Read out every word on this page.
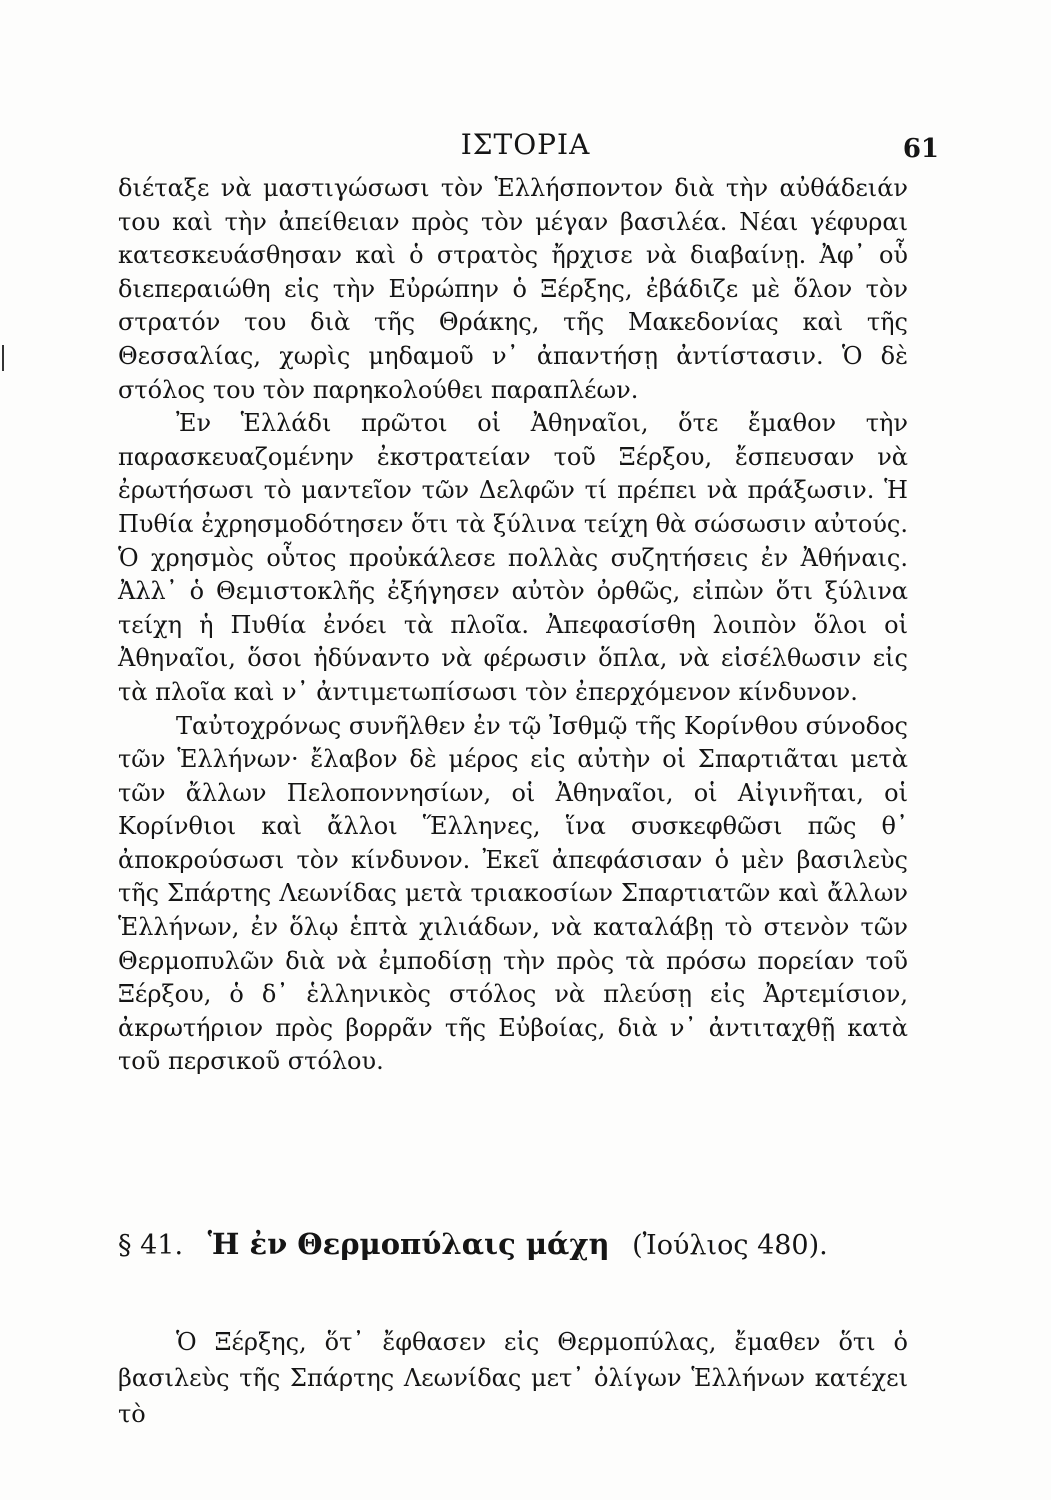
ΙΣΤΟΡΙΑ	61

διέταξε νὰ μαστιγώσωσι τὸν Ἑλλήσποντον διὰ τὴν αὐθάδειάν του καὶ τὴν ἀπείθειαν πρὸς τὸν μέγαν βασιλέα. Νέαι γέφυραι κατεσκευάσθησαν καὶ ὁ στρατὸς ἤρχισε νὰ διαβαίνῃ. Ἀφ᾽ οὗ διεπεραιώθη εἰς τὴν Εὐρώπην ὁ Ξέρξης, ἐβάδιζε μὲ ὅλον τὸν στρατόν του διὰ τῆς Θράκης, τῆς Μακεδονίας καὶ τῆς Θεσσαλίας, χωρὶς μηδαμοῦ ν᾽ ἀπαντήσῃ ἀντίστασιν. Ὁ δὲ στόλος του τὸν παρηκολούθει παραπλέων.

Ἐν Ἑλλάδι πρῶτοι οἱ Ἀθηναῖοι, ὅτε ἔμαθον τὴν παρασκευαζομένην ἐκστρατείαν τοῦ Ξέρξου, ἔσπευσαν νὰ ἐρωτήσωσι τὸ μαντεῖον τῶν Δελφῶν τί πρέπει νὰ πράξωσιν. Ἡ Πυθία ἐχρησμοδότησεν ὅτι τὰ ξύλινα τείχη θὰ σώσωσιν αὐτούς. Ὁ χρησμὸς οὗτος προὐκάλεσε πολλὰς συζητήσεις ἐν Ἀθήναις. Ἀλλ᾽ ὁ Θεμιστοκλῆς ἐξήγησεν αὐτὸν ὀρθῶς, εἰπὼν ὅτι ξύλινα τείχη ἡ Πυθία ἐνόει τὰ πλοῖα. Ἀπεφασίσθη λοιπὸν ὅλοι οἱ Ἀθηναῖοι, ὅσοι ἠδύναντο νὰ φέρωσιν ὅπλα, νὰ εἰσέλθωσιν εἰς τὰ πλοῖα καὶ ν᾽ ἀντιμετωπίσωσι τὸν ἐπερχόμενον κίνδυνον.

Ταὐτοχρόνως συνῆλθεν ἐν τῷ Ἰσθμῷ τῆς Κορίνθου σύνοδος τῶν Ἑλλήνων· ἔλαβον δὲ μέρος εἰς αὐτὴν οἱ Σπαρτιᾶται μετὰ τῶν ἄλλων Πελοποννησίων, οἱ Ἀθηναῖοι, οἱ Αἰγινῆται, οἱ Κορίνθιοι καὶ ἄλλοι Ἕλληνες, ἵνα συσκεφθῶσι πῶς θ᾽ ἀποκρούσωσι τὸν κίνδυνον. Ἐκεῖ ἀπεφάσισαν ὁ μὲν βασιλεὺς τῆς Σπάρτης Λεωνίδας μετὰ τριακοσίων Σπαρτιατῶν καὶ ἄλλων Ἑλλήνων, ἐν ὅλῳ ἑπτὰ χιλιάδων, νὰ καταλάβῃ τὸ στενὸν τῶν Θερμοπυλῶν διὰ νὰ ἐμποδίσῃ τὴν πρὸς τὰ πρόσω πορείαν τοῦ Ξέρξου, ὁ δ᾽ ἑλληνικὸς στόλος νὰ πλεύσῃ εἰς Ἀρτεμίσιον, ἀκρωτήριον πρὸς βορρᾶν τῆς Εὐβοίας, διὰ ν᾽ ἀντιταχθῇ κατὰ τοῦ περσικοῦ στόλου.

§ 41. Ἡ ἐν Θερμοπύλαις μάχη (Ἰούλιος 480).

Ὁ Ξέρξης, ὅτ᾽ ἔφθασεν εἰς Θερμοπύλας, ἔμαθεν ὅτι ὁ βασιλεὺς τῆς Σπάρτης Λεωνίδας μετ᾽ ὀλίγων Ἑλλήνων κατέχει τὸ
